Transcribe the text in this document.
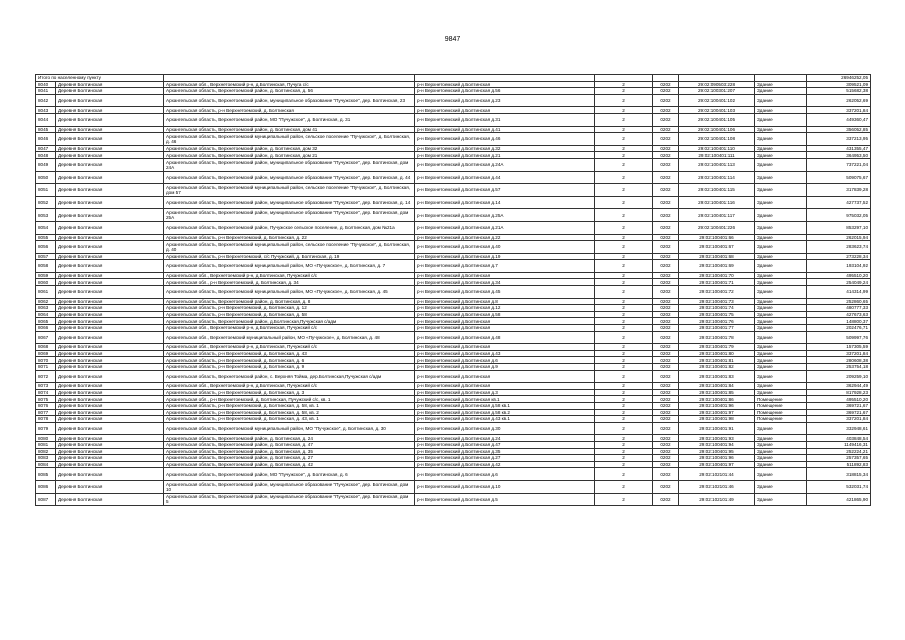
9847
Итого по населенному пункту								26946252,05
8040	Деревня Болтинская	Архангельская обл., Верхнетоемский р-н, д.Болтинская, Пучуга с/с	р-н Верхнетоемский д.Болтинская	2	0202	29:02:090503:228	Здание	309521,09
8041	Деревня Болтинская	Архангельская область, Верхнетоемский район, д. Болтинская, д. 56	р-н Верхнетоемский д.Болтинская д.56	2	0202	29:02:100301:207	Здание	515682,38
8042	Деревня Болтинская	Архангельская область, Верхнетоемский район, муниципальное образование "Пучужское", дер. Болтинская, 23	р-н Верхнетоемский д.Болтинская д.23	2	0202	29:02:100401:102	Здание	262052,69
8043	Деревня Болтинская	Архангельская область, р-н Верхнетоемский, д. Болтинская	р-н Верхнетоемский д.Болтинская	2	0202	29:02:100401:103	Здание	337201,84
8044	Деревня Болтинская	Архангельская область, Верхнетоемский район, МО "Пучужское", д. Болтинская, д. 31	р-н Верхнетоемский д.Болтинская д.31	2	0202	29:02:100401:105	Здание	449360,47
8045	Деревня Болтинская	Архангельская область, Верхнетоемский район, д. Болтинская, дом 41	р-н Верхнетоемский д.Болтинская д.41	2	0202	29:02:100401:106	Здание	356052,85
8046	Деревня Болтинская	Архангельская область, Верхнетоемский муниципальный район, сельское поселение "Пучужское", д. Болтинская, д. 46	р-н Верхнетоемский д.Болтинская д.46	2	0202	29:02:100401:108	Здание	337213,95
8047	Деревня Болтинская	Архангельская область, Верхнетоемский район, д. Болтинская, дом 32	р-н Верхнетоемский д.Болтинская д.32	2	0202	29:02:100401:110	Здание	431355,47
8048	Деревня Болтинская	Архангельская область, Верхнетоемский район, д. Болтинская, дом 21	р-н Верхнетоемский д.Болтинская д.21	2	0202	29:02:100401:111	Здание	364953,50
8049	Деревня Болтинская	Архангельская область, Верхнетоемский район, муниципальное образование "Пучужское", дер. Болтинская, дом 24А	р-н Верхнетоемский д.Болтинская д.24А	2	0202	29:02:100401:113	Здание	737221,04
8050	Деревня Болтинская	Архангельская область, Верхнетоемский район, муниципальное образование "Пучужское", дер. Болтинская, д. 44	р-н Верхнетоемский д.Болтинская д.44	2	0202	29:02:100401:114	Здание	509075,67
8051	Деревня Болтинская	Архангельская область, Верхнетоемский муниципальный район, сельское поселение "Пучужское", д. Болтинская, дом 57	р-н Верхнетоемский д.Болтинская д.57	2	0202	29:02:100401:115	Здание	317839,28
8052	Деревня Болтинская	Архангельская область, Верхнетоемский район, муниципальное образование "Пучужское", дер. Болтинская, д. 14	р-н Верхнетоемский д.Болтинская д.14	2	0202	29:02:100401:116	Здание	427737,52
8053	Деревня Болтинская	Архангельская область, Верхнетоемский район, муниципальное образование "Пучужское", дер. Болтинская, дом 25А	р-н Верхнетоемский д.Болтинская д.25А	2	0202	29:02:100401:117	Здание	975032,05
8054	Деревня Болтинская	Архангельская область, Верхнетоемский район, Пучужское сельское поселение, д. Болтинская, дом №21а	р-н Верхнетоемский д.Болтинская д.21А	2	0202	29:02:100401:226	Здание	853297,10
8055	Деревня Болтинская	Архангельская область, р-н Верхнетоемский, д. Болтинская, д. 22	р-н Верхнетоемский д.Болтинская д.22	2	0202	29:02:100401:66	Здание	262015,94
8056	Деревня Болтинская	Архангельская область, Верхнетоемский муниципальный район, сельское поселение "Пучужское", д. Болтинская, д. 40	р-н Верхнетоемский д.Болтинская д.40	2	0202	29:02:100401:67	Здание	283623,74
8057	Деревня Болтинская	Архангельская область, р-н Верхнетоемский, с/с Пучужский, д. Болтинская, д. 19	р-н Верхнетоемский д.Болтинская д.19	2	0202	29:02:100401:68	Здание	273228,34
8058	Деревня Болтинская	Архангельская область, Верхнетоемский муниципальный район, МО «Пучужское», д. Болтинская, д. 7	р-н Верхнетоемский д.Болтинская д.7	2	0202	29:02:100401:69	Здание	193104,92
8059	Деревня Болтинская	Архангельская обл., Верхнетоемский р-н, д.Болтинская, Пучужский с/с	р-н Верхнетоемский д.Болтинская	2	0202	29:02:100401:70	Здание	495510,20
8060	Деревня Болтинская	Архангельская обл., р-н Верхнетоемский, д. Болтинская, д. 34	р-н Верхнетоемский д.Болтинская д.34	2	0202	29:02:100401:71	Здание	254049,24
8061	Деревня Болтинская	Архангельская область, Верхнетоемский муниципальный район, МО «Пучужское», д. Болтинская, д. 45	р-н Верхнетоемский д.Болтинская д.45	2	0202	29:02:100401:72	Здание	414314,99
8062	Деревня Болтинская	Архангельская область, Верхнетоемский район, д. Болтинская, д. 8	р-н Верхнетоемский д.Болтинская д.8	2	0202	29:02:100401:73	Здание	252860,65
8063	Деревня Болтинская	Архангельская область, р-н Верхнетоемский, д. Болтинская, д. 12	р-н Верхнетоемский д.Болтинская д.12	2	0202	29:02:100401:74	Здание	480777,33
8064	Деревня Болтинская	Архангельская область, р-н Верхнетоемский, д. Болтинская, д. 58	р-н Верхнетоемский д.Болтинская д.58	2	0202	29:02:100401:75	Здание	427673,63
8065	Деревня Болтинская	Архангельская область, Верхнетоемский район, д.Болтинская,Пучужская с/адм	р-н Верхнетоемский д.Болтинская	2	0202	29:02:100401:76	Здание	148800,37
8066	Деревня Болтинская	Архангельская обл., Верхнетоемский р-н, д.Болтинская, Пучужский с/с	р-н Верхнетоемский д.Болтинская	2	0202	29:02:100401:77	Здание	202476,71
8067	Деревня Болтинская	Архангельская обл., Верхнетоемский муниципальный район, МО «Пучужское», д. Болтинская, д. 48	р-н Верхнетоемский д.Болтинская д.48	2	0202	29:02:100401:78	Здание	509997,76
8068	Деревня Болтинская	Архангельская обл., Верхнетоемский р-н, д.Болтинская, Пучужский с/с	р-н Верхнетоемский д.Болтинская	2	0202	29:02:100401:79	Здание	157305,59
8069	Деревня Болтинская	Архангельская область, р-н Верхнетоемский, д. Болтинская, д. 43	р-н Верхнетоемский д.Болтинская д.43	2	0202	29:02:100401:80	Здание	337201,84
8070	Деревня Болтинская	Архангельская область, р-н Верхнетоемский, д. Болтинская, д. 6	р-н Верхнетоемский д.Болтинская д.6	2	0202	29:02:100401:81	Здание	280608,38
8071	Деревня Болтинская	Архангельская область, р-н Верхнетоемский, д. Болтинская, д. 9	р-н Верхнетоемский д.Болтинская д.9	2	0202	29:02:100401:82	Здание	253754,18
8072	Деревня Болтинская	Архангельская область, Верхнетоемский район, с. Верхняя Тойма, дер.Болтинская,Пучужская с/адм	р-н Верхнетоемский д.Болтинская	2	0202	29:02:100401:83	Здание	209259,10
8073	Деревня Болтинская	Архангельская обл., Верхнетоемский р-н, д.Болтинская, Пучужский с/с	р-н Верхнетоемский д.Болтинская	2	0202	29:02:100401:84	Здание	362944,49
8074	Деревня Болтинская	Архангельская область, р-н Верхнетоемский, д. Болтинская, д. 3	р-н Верхнетоемский д.Болтинская д.3	2	0202	29:02:100401:85	Здание	817928,23
8075	Деревня Болтинская	Архангельская обл., р-н Верхнетоемский, д. Болтинская, Пучужский с/с, кв. 1	р-н Верхнетоемский д.Болтинская кв.1	2	0202	29:02:100401:86	Помещение	495510,20
8076	Деревня Болтинская	Архангельская область, р-н Верхнетоемский, д. Болтинская, д. 58, кв. 1	р-н Верхнетоемский д.Болтинская д.58 кв.1	2	0202	29:02:100401:96	Помещение	369721,67
8077	Деревня Болтинская	Архангельская область, р-н Верхнетоемский, д. Болтинская, д. 58, кв. 2	р-н Верхнетоемский д.Болтинская д.58 кв.2	2	0202	29:02:100401:97	Помещение	369721,67
8078	Деревня Болтинская	Архангельская область, р-н Верхнетоемский, д. Болтинская, д. 43, кв. 1	р-н Верхнетоемский д.Болтинская д.43 кв.1	2	0202	29:02:100401:98	Помещение	337201,84
8079	Деревня Болтинская	Архангельская область, Верхнетоемский муниципальный район, МО "Пучужское", д. Болтинская, д. 30	р-н Верхнетоемский д.Болтинская д.30	2	0202	29:02:100401:91	Здание	332948,61
8080	Деревня Болтинская	Архангельская область, Верхнетоемский район, д. Болтинская, д. 24	р-н Верхнетоемский д.Болтинская д.24	2	0202	29:02:100401:93	Здание	403848,54
8081	Деревня Болтинская	Архангельская область, Верхнетоемский район, д. Болтинская, д. 47	р-н Верхнетоемский д.Болтинская д.47	2	0202	29:02:100401:94	Здание	1149416,31
8082	Деревня Болтинская	Архангельская область, Верхнетоемский район, д. Болтинская, д. 35	р-н Верхнетоемский д.Болтинская д.35	2	0202	29:02:100401:95	Здание	252224,21
8083	Деревня Болтинская	Архангельская область, Верхнетоемский район, д. Болтинская, д. 27	р-н Верхнетоемский д.Болтинская д.27	2	0202	29:02:100401:96	Здание	257357,65
8084	Деревня Болтинская	Архангельская область, Верхнетоемский район, д. Болтинская, д. 42	р-н Верхнетоемский д.Болтинская д.42	2	0202	29:02:100401:97	Здание	511892,83
8085	Деревня Болтинская	Архангельская область, Верхнетоемский район, МО "Пучужское", д. Болтинская, д. 6	р-н Верхнетоемский д.Болтинская д.6	2	0202	29:02:102101:44	Здание	318815,34
8086	Деревня Болтинская	Архангельская область, Верхнетоемский район, муниципальное образование "Пучужское", дер. Болтинская, дом 10	р-н Верхнетоемский д.Болтинская д.10	2	0202	29:02:102101:46	Здание	532031,74
8087	Деревня Болтинская	Архангельская область, Верхнетоемский район, муниципальное образование "Пучужское", дер. Болтинская, дом 5	р-н Верхнетоемский д.Болтинская д.5	2	0202	29:02:102101:49	Здание	421865,90
